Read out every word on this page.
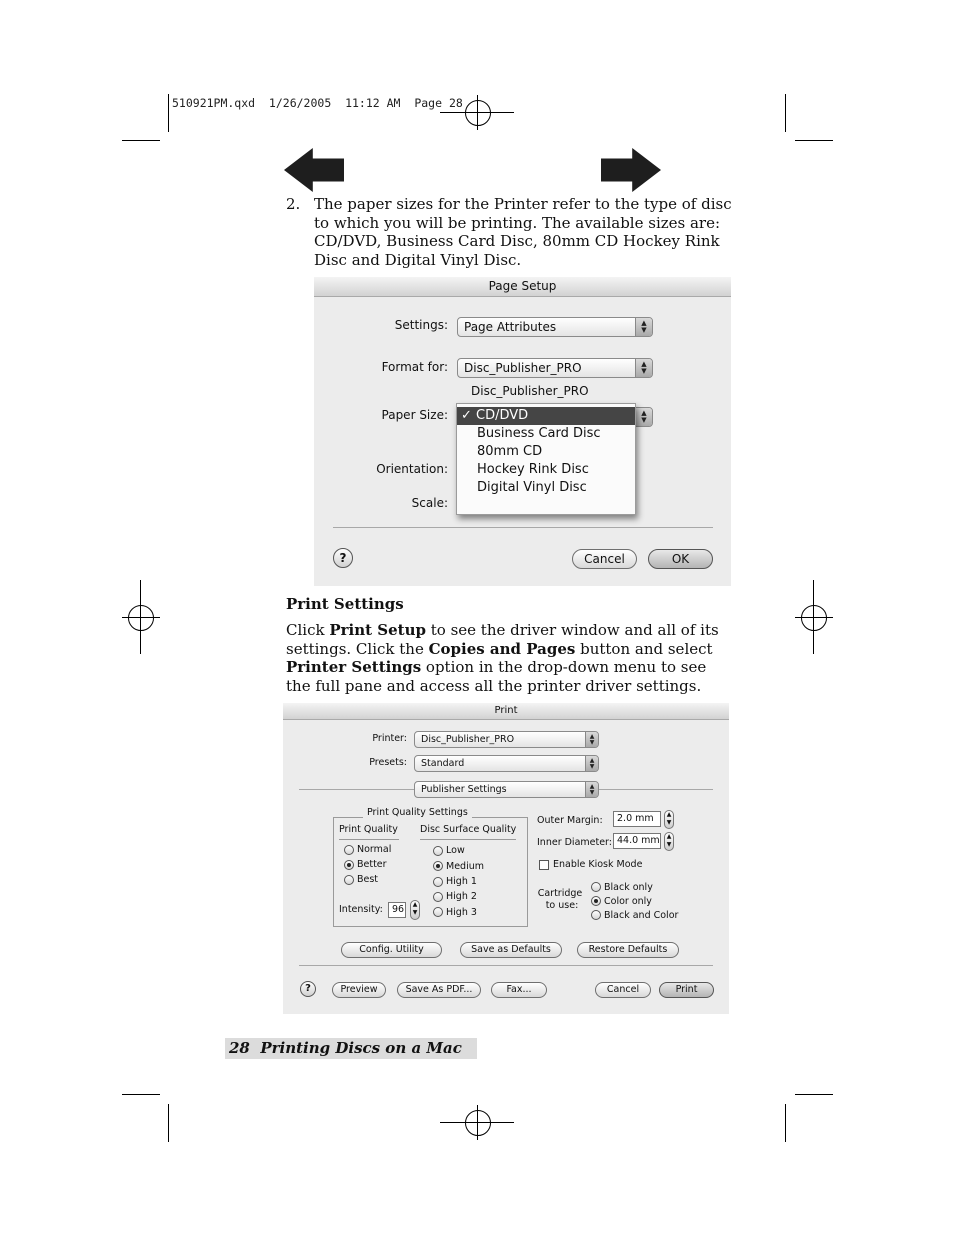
510921PM.qxd  1/26/2005  11:12 AM  Page 28
2. The paper sizes for the Printer refer to the type of disc to which you will be printing. The available sizes are: CD/DVD, Business Card Disc, 80mm CD Hockey Rink Disc and Digital Vinyl Disc.
Page Setup
Settings:	Page Attributes	▲
▼
Format for:	Disc_Publisher_PRO	▲
▼
Disc_Publisher_PRO
Paper Size:	▲
▼
Orientation:
Scale:
✓ CD/DVD
Business Card Disc
80mm CD
Hockey Rink Disc
Digital Vinyl Disc
?	Cancel	OK
Print Settings
Click Print Setup to see the driver window and all of its settings. Click the Copies and Pages button and select Printer Settings option in the drop-down menu to see the full pane and access all the printer driver settings.
Print
Printer:	Disc_Publisher_PRO	▲
▼
Presets:	Standard	▲
▼
Publisher Settings	▲
▼
Print Quality Settings
Print Quality Disc Surface Quality
Normal
Better
Best
Low
Medium
High 1
High 2
High 3
Intensity: 96	▲
▼
Outer Margin:	2.0 mm	▲
▼
Inner Diameter: 44.0 mm	▲
▼
Enable Kiosk Mode
Cartridge
to use:
Black only
Color only
Black and Color
Config. Utility	Save as Defaults	Restore Defaults
?	Preview	Save As PDF...	Fax...	Cancel	Print
28 Printing Discs on a Mac
